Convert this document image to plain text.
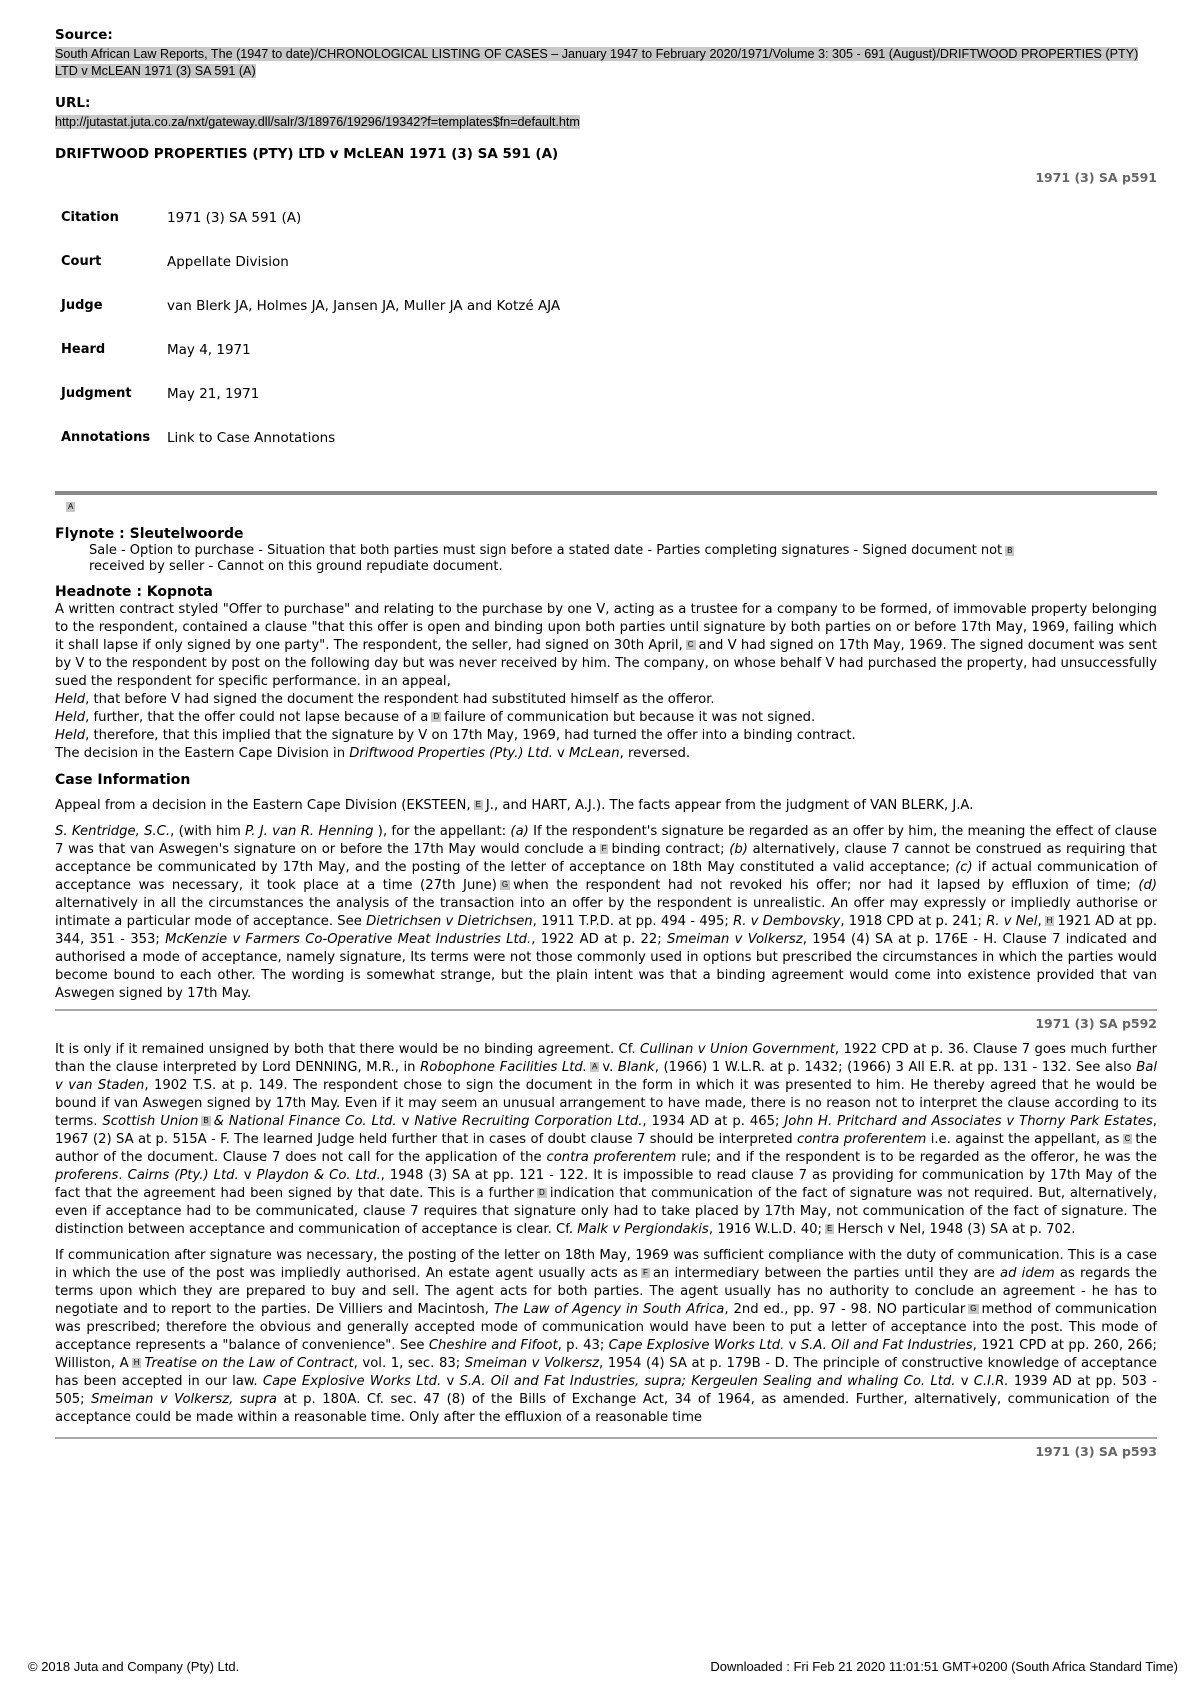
Source:
South African Law Reports, The (1947 to date)/CHRONOLOGICAL LISTING OF CASES – January 1947 to February 2020/1971/Volume 3: 305 - 691 (August)/DRIFTWOOD PROPERTIES (PTY) LTD v McLEAN 1971 (3) SA 591 (A)
URL:
http://jutastat.juta.co.za/nxt/gateway.dll/salr/3/18976/19296/19342?f=templates$fn=default.htm
DRIFTWOOD PROPERTIES (PTY) LTD v McLEAN 1971 (3) SA 591 (A)
1971 (3) SA p591
Citation	1971 (3) SA 591 (A)
Court	Appellate Division
Judge	van Blerk JA, Holmes JA, Jansen JA, Muller JA and Kotzé AJA
Heard	May 4, 1971
Judgment	May 21, 1971
Annotations	Link to Case Annotations
A
Flynote : Sleutelwoorde
Sale - Option to purchase - Situation that both parties must sign before a stated date - Parties completing signatures - Signed document not B
received by seller - Cannot on this ground repudiate document.
Headnote : Kopnota

A written contract styled "Offer to purchase" and relating to the purchase by one V, acting as a trustee for a company to be formed, of immovable property belonging to the respondent, contained a clause "that this offer is open and binding upon both parties until signature by both parties on or before 17th May, 1969, failing which it shall lapse if only signed by one party". The respondent, the seller, had signed on 30th April, C and V had signed on 17th May, 1969. The signed document was sent by V to the respondent by post on the following day but was never received by him. The company, on whose behalf V had purchased the property, had unsuccessfully sued the respondent for specific performance. in an appeal,

Held, that before V had signed the document the respondent had substituted himself as the offeror.

Held, further, that the offer could not lapse because of a D failure of communication but because it was not signed.

Held, therefore, that this implied that the signature by V on 17th May, 1969, had turned the offer into a binding contract.

The decision in the Eastern Cape Division in Driftwood Properties (Pty.) Ltd. v McLean, reversed.

Case Information

Appeal from a decision in the Eastern Cape Division (EKSTEEN, E J., and HART, A.J.). The facts appear from the judgment of VAN BLERK, J.A.

S. Kentridge, S.C., (with him P. J. van R. Henning ), for the appellant: (a) If the respondent's signature be regarded as an offer by him, the meaning the effect of clause 7 was that van Aswegen's signature on or before the 17th May would conclude a F binding contract; (b) alternatively, clause 7 cannot be construed as requiring that acceptance be communicated by 17th May, and the posting of the letter of acceptance on 18th May constituted a valid acceptance; (c) if actual communication of acceptance was necessary, it took place at a time (27th June) G when the respondent had not revoked his offer; nor had it lapsed by effluxion of time; (d) alternatively in all the circumstances the analysis of the transaction into an offer by the respondent is unrealistic. An offer may expressly or impliedly authorise or intimate a particular mode of acceptance. See Dietrichsen v Dietrichsen, 1911 T.P.D. at pp. 494 - 495; R. v Dembovsky, 1918 CPD at p. 241; R. v Nel, H 1921 AD at pp. 344, 351 - 353; McKenzie v Farmers Co-Operative Meat Industries Ltd., 1922 AD at p. 22; Smeiman v Volkersz, 1954 (4) SA at p. 176E - H. Clause 7 indicated and authorised a mode of acceptance, namely signature, Its terms were not those commonly used in options but prescribed the circumstances in which the parties would become bound to each other. The wording is somewhat strange, but the plain intent was that a binding agreement would come into existence provided that van Aswegen signed by 17th May.

1971 (3) SA p592

It is only if it remained unsigned by both that there would be no binding agreement. Cf. Cullinan v Union Government, 1922 CPD at p. 36. Clause 7 goes much further than the clause interpreted by Lord DENNING, M.R., in Robophone Facilities Ltd. A v. Blank, (1966) 1 W.L.R. at p. 1432; (1966) 3 All E.R. at pp. 131 - 132. See also Bal v van Staden, 1902 T.S. at p. 149. The respondent chose to sign the document in the form in which it was presented to him. He thereby agreed that he would be bound if van Aswegen signed by 17th May. Even if it may seem an unusual arrangement to have made, there is no reason not to interpret the clause according to its terms. Scottish Union B & National Finance Co. Ltd. v Native Recruiting Corporation Ltd., 1934 AD at p. 465; John H. Pritchard and Associates v Thorny Park Estates, 1967 (2) SA at p. 515A - F. The learned Judge held further that in cases of doubt clause 7 should be interpreted contra proferentem i.e. against the appellant, as C the author of the document. Clause 7 does not call for the application of the contra proferentem rule; and if the respondent is to be regarded as the offeror, he was the proferens. Cairns (Pty.) Ltd. v Playdon & Co. Ltd., 1948 (3) SA at pp. 121 - 122. It is impossible to read clause 7 as providing for communication by 17th May of the fact that the agreement had been signed by that date. This is a further D indication that communication of the fact of signature was not required. But, alternatively, even if acceptance had to be communicated, clause 7 requires that signature only had to take placed by 17th May, not communication of the fact of signature. The distinction between acceptance and communication of acceptance is clear. Cf. Malk v Pergiondakis, 1916 W.L.D. 40; E Hersch v Nel, 1948 (3) SA at p. 702.

If communication after signature was necessary, the posting of the letter on 18th May, 1969 was sufficient compliance with the duty of communication. This is a case in which the use of the post was impliedly authorised. An estate agent usually acts as F an intermediary between the parties until they are ad idem as regards the terms upon which they are prepared to buy and sell. The agent acts for both parties. The agent usually has no authority to conclude an agreement - he has to negotiate and to report to the parties. De Villiers and Macintosh, The Law of Agency in South Africa, 2nd ed., pp. 97 - 98. NO particular G method of communication was prescribed; therefore the obvious and generally accepted mode of communication would have been to put a letter of acceptance into the post. This mode of acceptance represents a "balance of convenience". See Cheshire and Fifoot, p. 43; Cape Explosive Works Ltd. v S.A. Oil and Fat Industries, 1921 CPD at pp. 260, 266; Williston, A H Treatise on the Law of Contract, vol. 1, sec. 83; Smeiman v Volkersz, 1954 (4) SA at p. 179B - D. The principle of constructive knowledge of acceptance has been accepted in our law. Cape Explosive Works Ltd. v S.A. Oil and Fat Industries, supra; Kergeulen Sealing and whaling Co. Ltd. v C.I.R. 1939 AD at pp. 503 - 505; Smeiman v Volkersz, supra at p. 180A. Cf. sec. 47 (8) of the Bills of Exchange Act, 34 of 1964, as amended. Further, alternatively, communication of the acceptance could be made within a reasonable time. Only after the effluxion of a reasonable time

1971 (3) SA p593
© 2018 Juta and Company (Pty) Ltd.	Downloaded : Fri Feb 21 2020 11:01:51 GMT+0200 (South Africa Standard Time)
